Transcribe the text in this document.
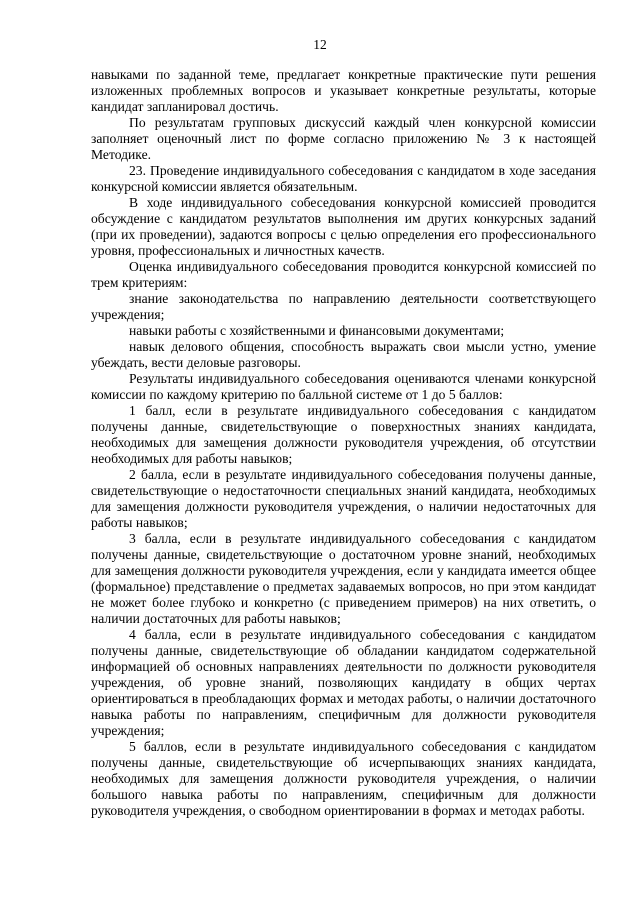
12

навыками по заданной теме, предлагает конкретные практические пути решения изложенных проблемных вопросов и указывает конкретные результаты, которые кандидат запланировал достичь.

По результатам групповых дискуссий каждый член конкурсной комиссии заполняет оценочный лист по форме согласно приложению № 3 к настоящей Методике.

23. Проведение индивидуального собеседования с кандидатом в ходе заседания конкурсной комиссии является обязательным.

В ходе индивидуального собеседования конкурсной комиссией проводится обсуждение с кандидатом результатов выполнения им других конкурсных заданий (при их проведении), задаются вопросы с целью определения его профессионального уровня, профессиональных и личностных качеств.

Оценка индивидуального собеседования проводится конкурсной комиссией по трем критериям:

знание законодательства по направлению деятельности соответствующего учреждения;

навыки работы с хозяйственными и финансовыми документами;

навык делового общения, способность выражать свои мысли устно, умение убеждать, вести деловые разговоры.

Результаты индивидуального собеседования оцениваются членами конкурсной комиссии по каждому критерию по балльной системе от 1 до 5 баллов:

1 балл, если в результате индивидуального собеседования с кандидатом получены данные, свидетельствующие о поверхностных знаниях кандидата, необходимых для замещения должности руководителя учреждения, об отсутствии необходимых для работы навыков;

2 балла, если в результате индивидуального собеседования получены данные, свидетельствующие о недостаточности специальных знаний кандидата, необходимых для замещения должности руководителя учреждения, о наличии недостаточных для работы навыков;

3 балла, если в результате индивидуального собеседования с кандидатом получены данные, свидетельствующие о достаточном уровне знаний, необходимых для замещения должности руководителя учреждения, если у кандидата имеется общее (формальное) представление о предметах задаваемых вопросов, но при этом кандидат не может более глубоко и конкретно (с приведением примеров) на них ответить, о наличии достаточных для работы навыков;

4 балла, если в результате индивидуального собеседования с кандидатом получены данные, свидетельствующие об обладании кандидатом содержательной информацией об основных направлениях деятельности по должности руководителя учреждения, об уровне знаний, позволяющих кандидату в общих чертах ориентироваться в преобладающих формах и методах работы, о наличии достаточного навыка работы по направлениям, специфичным для должности руководителя учреждения;

5 баллов, если в результате индивидуального собеседования с кандидатом получены данные, свидетельствующие об исчерпывающих знаниях кандидата, необходимых для замещения должности руководителя учреждения, о наличии большого навыка работы по направлениям, специфичным для должности руководителя учреждения, о свободном ориентировании в формах и методах работы.
